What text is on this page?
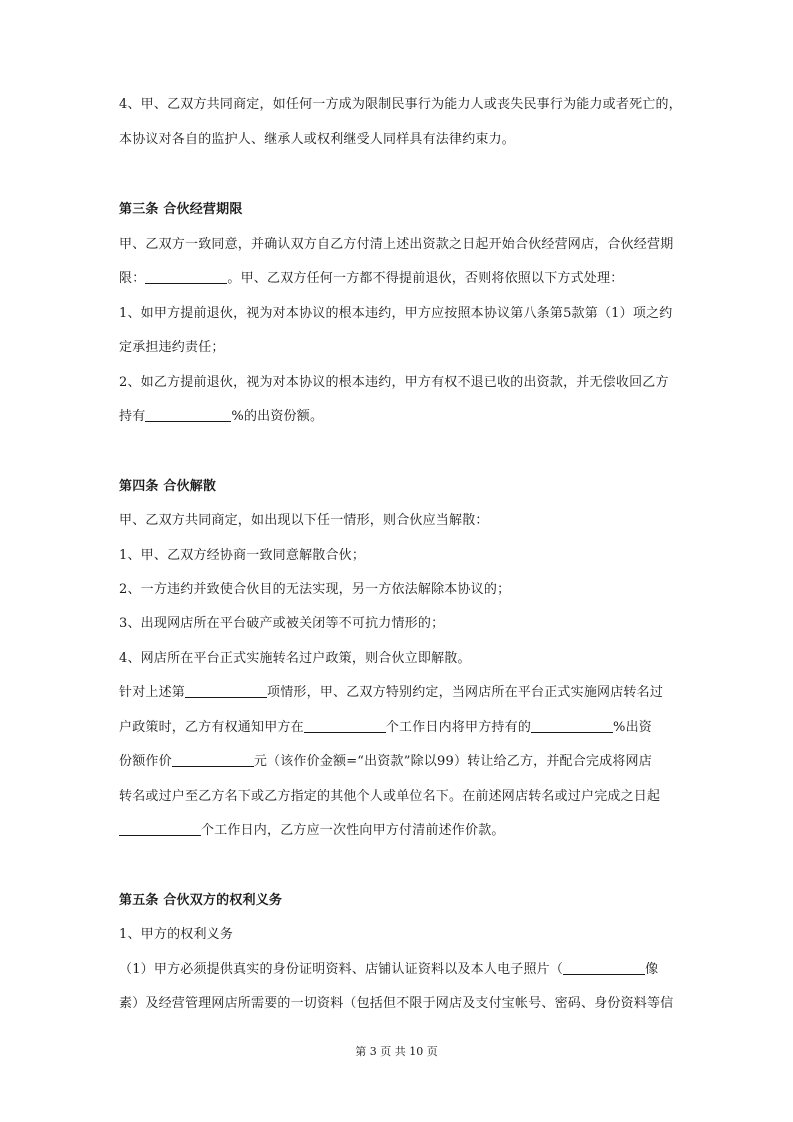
4、甲、乙双方共同商定，如任何一方成为限制民事行为能力人或丧失民事行为能力或者死亡的，
本协议对各自的监护人、继承人或权利继受人同样具有法律约束力。
第三条 合伙经营期限
甲、乙双方一致同意，并确认双方自乙方付清上述出资款之日起开始合伙经营网店，合伙经营期
限：	。甲、乙双方任何一方都不得提前退伙，否则将依照以下方式处理：
1、如甲方提前退伙，视为对本协议的根本违约，甲方应按照本协议第八条第5款第（1）项之约
定承担违约责任；
2、如乙方提前退伙，视为对本协议的根本违约，甲方有权不退已收的出资款，并无偿收回乙方
持有	%的出资份额。
第四条 合伙解散
甲、乙双方共同商定，如出现以下任一情形，则合伙应当解散：
1、甲、乙双方经协商一致同意解散合伙；
2、一方违约并致使合伙目的无法实现，另一方依法解除本协议的；
3、出现网店所在平台破产或被关闭等不可抗力情形的；
4、网店所在平台正式实施转名过户政策，则合伙立即解散。
针对上述第	项情形，甲、乙双方特别约定，当网店所在平台正式实施网店转名过
户政策时，乙方有权通知甲方在	个工作日内将甲方持有的	%出资
份额作价	元（该作价金额=“出资款”除以99）转让给乙方，并配合完成将网店
转名或过户至乙方名下或乙方指定的其他个人或单位名下。在前述网店转名或过户完成之日起
个工作日内，乙方应一次性向甲方付清前述作价款。
第五条 合伙双方的权利义务
1、甲方的权利义务
（1）甲方必须提供真实的身份证明资料、店铺认证资料以及本人电子照片（	像
素）及经营管理网店所需要的一切资料（包括但不限于网店及支付宝帐号、密码、身份资料等信
第 3 页 共 10 页
